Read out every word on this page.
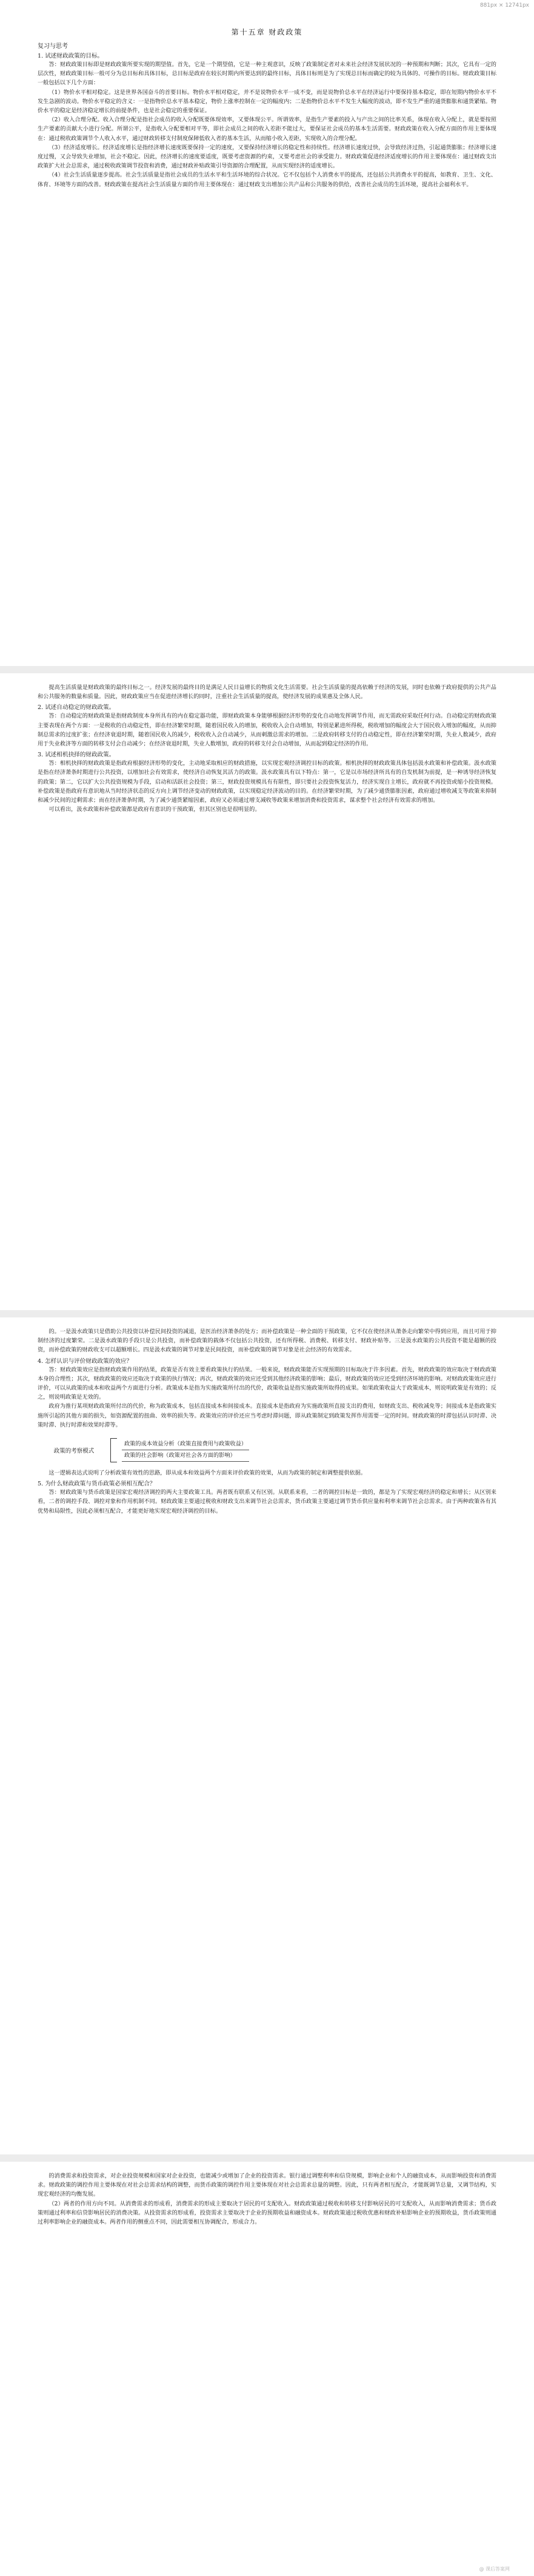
881px × 12741px
第十五章 财政政策
复习与思考
1. 试述财政政策的目标。

答：财政政策目标即是财政政策所要实现的期望值。首先，它是一个期望值，它是一种主观意识，反映了政策制定者对未来社会经济发展状况的一种预期和判断；其次，它具有一定的层次性，财政政策目标一般可分为总目标和具体目标，总目标是政府在较长时期内所要达到的最终目标，具体目标则是为了实现总目标而确定的较为具体的、可操作的目标。财政政策目标一般包括以下几个方面：

（1）物价水平相对稳定。这是世界各国奋斗的首要目标。物价水平相对稳定，并不是说物价水平一成不变，而是说物价总水平在经济运行中要保持基本稳定，即在短期内物价水平不发生急剧的波动。物价水平稳定的含义：一是指物价总水平基本稳定，物价上涨率控制在一定的幅度内；二是指物价总水平不发生大幅度的波动，即不发生严重的通货膨胀和通货紧缩。物价水平的稳定是经济稳定增长的前提条件，也是社会稳定的重要保证。

（2）收入合理分配。收入合理分配是指社会成员的收入分配既要体现效率，又要体现公平。所谓效率，是指生产要素的投入与产出之间的比率关系，体现在收入分配上，就是要按照生产要素的贡献大小进行分配。所谓公平，是指收入分配要相对平等，即社会成员之间的收入差距不能过大，要保证社会成员的基本生活需要。财政政策在收入分配方面的作用主要体现在：通过税收政策调节个人收入水平，通过财政转移支付制度保障低收入者的基本生活，从而缩小收入差距，实现收入的合理分配。

（3）经济适度增长。经济适度增长是指经济增长速度既要保持一定的速度，又要保持经济增长的稳定性和持续性。经济增长速度过快，会导致经济过热，引起通货膨胀；经济增长速度过慢，又会导致失业增加，社会不稳定。因此，经济增长的速度要适度，既要考虑资源的约束，又要考虑社会的承受能力。财政政策促进经济适度增长的作用主要体现在：通过财政支出政策扩大社会总需求，通过税收政策调节投资和消费，通过财政补贴政策引导资源的合理配置，从而实现经济的适度增长。

（4）社会生活质量逐步提高。社会生活质量是指社会成员的生活水平和生活环境的综合状况。它不仅包括个人消费水平的提高，还包括公共消费水平的提高，如教育、卫生、文化、体育、环境等方面的改善。财政政策在提高社会生活质量方面的作用主要体现在：通过财政支出增加公共产品和公共服务的供给，改善社会成员的生活环境，提高社会福利水平。

提高生活质量是财政政策的最终目标之一。经济发展的最终目的是满足人民日益增长的物质文化生活需要。社会生活质量的提高依赖于经济的发展，同时也依赖于政府提供的公共产品和公共服务的数量和质量。因此，财政政策应当在促进经济增长的同时，注重社会生活质量的提高，使经济发展的成果惠及全体人民。

2. 试述自动稳定的财政政策。

答：自动稳定的财政政策是指财政制度本身所具有的内在稳定器功能，即财政政策本身能够根据经济形势的变化自动地发挥调节作用，而无需政府采取任何行动。自动稳定的财政政策主要表现在两个方面：一是税收的自动稳定性，即在经济繁荣时期，随着国民收入的增加，税收收入会自动增加，特别是累进所得税，税收增加的幅度会大于国民收入增加的幅度，从而抑制总需求的过度扩张；在经济衰退时期，随着国民收入的减少，税收收入会自动减少，从而刺激总需求的增加。二是政府转移支付的自动稳定性，即在经济繁荣时期，失业人数减少，政府用于失业救济等方面的转移支付会自动减少；在经济衰退时期，失业人数增加，政府的转移支付会自动增加，从而起到稳定经济的作用。

3. 试述相机抉择的财政政策。

答：相机抉择的财政政策是指政府根据经济形势的变化，主动地采取相应的财政措施，以实现宏观经济调控目标的政策。相机抉择的财政政策具体包括汲水政策和补偿政策。汲水政策是指在经济萧条时期进行公共投资，以增加社会有效需求，使经济自动恢复其活力的政策。汲水政策具有以下特点：第一，它是以市场经济所具有的自发机制为前提，是一种诱导经济恢复的政策；第二，它以扩大公共投资规模为手段，启动和活跃社会投资；第三，财政投资规模具有有限性，即只要社会投资恢复活力，经济实现自主增长，政府就不再投资或缩小投资规模。补偿政策是指政府有意识地从当时经济状态的反方向上调节经济变动的财政政策，以实现稳定经济波动的目的。在经济繁荣时期，为了减少通货膨胀因素，政府通过增收减支等政策来抑制和减少民间的过剩需求；而在经济萧条时期，为了减少通货紧缩因素，政府又必须通过增支减收等政策来增加消费和投资需求，谋求整个社会经济有效需求的增加。

可以看出，汲水政策和补偿政策都是政府有意识的干预政策，但其区别也是很明显的。

的。一是汲水政策只是借助公共投资以补偿民间投资的减退，是医治经济萧条的处方；而补偿政策是一种全面的干预政策，它不仅在使经济从萧条走向繁荣中得到应用，而且可用于抑制经济的过度繁荣。二是汲水政策的手段只是公共投资，而补偿政策的载体不仅包括公共投资，还有所得税、消费税、转移支付、财政补贴等。三是汲水政策的公共投资不能是超额的投资，而补偿政策的财政收支可以超额增长。四是汲水政策的调节对象是民间投资，而补偿政策的调节对象是社会经济的有效需求。

4. 怎样认识与评价财政政策的效应？

答：财政政策效应是指财政政策作用的结果，政策是否有效主要看政策执行的结果。一般来说，财政政策能否实现预期的目标取决于许多因素。首先，财政政策的效应取决于财政政策本身的合理性；其次，财政政策的效应还取决于政策的执行情况；再次，财政政策的效应还受到其他经济政策的影响；最后，财政政策的效应还受到经济环境的影响。对财政政策效应进行评价，可以从政策的成本和收益两个方面进行分析。政策成本是指为实施政策所付出的代价，政策收益是指实施政策所取得的成果。如果政策收益大于政策成本，则说明政策是有效的；反之，则说明政策是无效的。

政府为推行某项财政政策所付出的代价，称为政策成本，包括直接成本和间接成本。直接成本是指政府为实施政策所直接支出的费用，如财政支出、税收减免等；间接成本是指政策实施所引起的其他方面的损失，如资源配置的扭曲、效率的损失等。政策效应的评价还应当考虑时滞问题，即从政策制定到政策发挥作用需要一定的时间。财政政策的时滞包括认识时滞、决策时滞、执行时滞和效果时滞等。

政策的考察模式
政策的成本效益分析（政策直接费用与政策收益）
政策的社会影响（政策对社会各方面的影响）

这一逻辑表达式说明了分析政策有效性的思路，即从成本和效益两个方面来评价政策的效果，从而为政策的制定和调整提供依据。

5. 为什么财政政策与货币政策必须相互配合？

答：财政政策与货币政策是国家宏观经济调控的两大主要政策工具。两者既有联系又有区别。从联系来看，二者的调控目标是一致的，都是为了实现宏观经济的稳定和增长；从区别来看，二者的调控手段、调控对象和作用机制不同。财政政策主要通过税收和财政支出来调节社会总需求，货币政策主要通过调节货币供应量和利率来调节社会总需求。由于两种政策各有其优势和局限性，因此必须相互配合，才能更好地实现宏观经济调控的目标。

的消费需求和投资需求，对企业投资规模和国家对企业投资，也能减少或增加了企业的投资需求。银行通过调整利率和信贷规模，影响企业和个人的融资成本，从而影响投资和消费需求。财政政策的调控作用主要体现在对社会总需求结构的调整，而货币政策的调控作用主要体现在对社会总需求总量的调整。因此，只有两者相互配合，才能既调节总量，又调节结构，实现宏观经济的均衡发展。

（2）两者的作用方向不同。从消费需求的形成看，消费需求的形成主要取决于居民的可支配收入。财政政策通过税收和转移支付影响居民的可支配收入，从而影响消费需求；货币政策则通过利率和信贷影响居民的消费决策。从投资需求的形成看，投资需求主要取决于企业的预期收益和融资成本。财政政策通过税收优惠和财政补贴影响企业的预期收益，货币政策则通过利率影响企业的融资成本。两者作用的侧重点不同，因此需要相互协调配合，形成合力。

@ 课后答案网
